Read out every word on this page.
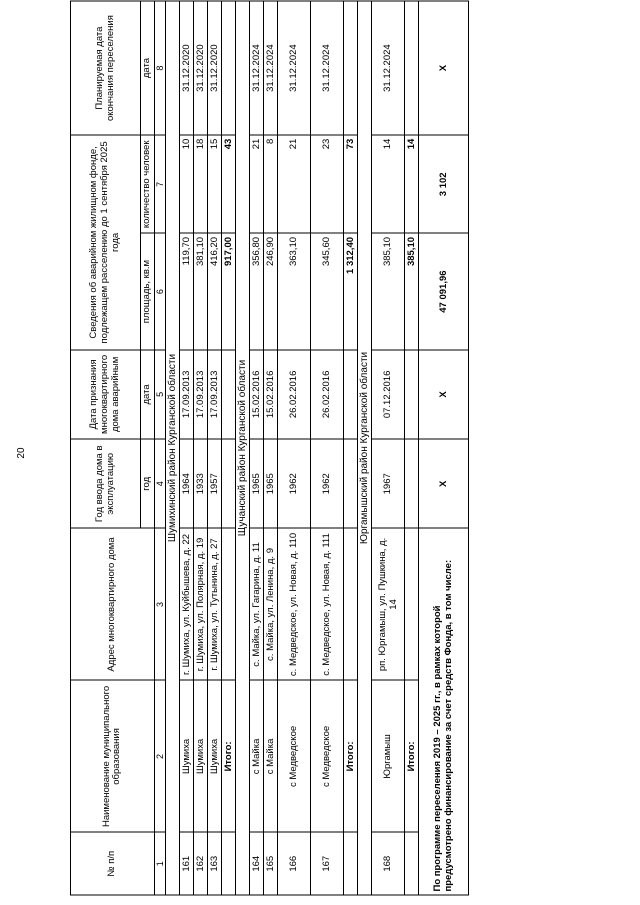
20
№ п/п	Наименование муниципального образования	Адрес многоквартирного дома	Год ввода дома в эксплуатацию	Дата признания многоквартирного дома аварийным	Сведения об аварийном жилищном фонде, подлежащем расселению до 1 сентября 2025 года		Планируемая дата окончания переселения
			год	дата	площадь, кв.м	количество человек	дата
1	2	3	4	5	6	7	8
Шумихинский район Курганской области							
161	Шумиха	г. Шумиха, ул. Куйбышева, д. 22	1964	17.09.2013	119,70	10	31.12.2020
162	Шумиха	г. Шумиха, ул. Полярная, д. 19	1933	17.09.2013	381,10	18	31.12.2020
163	Шумиха	г. Шумиха, ул. Тутынина, д. 27	1957	17.09.2013	416,20	15	31.12.2020
	Итого:				917,00	43	
Щучанский район Курганской области							
164	с Майка	с. Майка, ул. Гагарина, д. 11	1965	15.02.2016	356,80	21	31.12.2024
165	с Майка	с. Майка, ул. Ленина, д. 9	1965	15.02.2016	246,90	8	31.12.2024
166	с Медведское	с. Медведское, ул. Новая, д. 110	1962	26.02.2016	363,10	21	31.12.2024
167	с Медведское	с. Медведское, ул. Новая, д. 111	1962	26.02.2016	345,60	23	31.12.2024
	Итого:				1 312,40	73	
Юргамышский район Курганской области							
168	Юргамыш	рп. Юргамыш, ул. Пушкина, д. 14	1967	07.12.2016	385,10	14	31.12.2024
	Итого:				385,10	14	
По программе переселения 2019 – 2025 гг., в рамках которой предусмотрено финансирование за счет средств Фонда, в том числе:			X	X	47 091,96	3 102	X
